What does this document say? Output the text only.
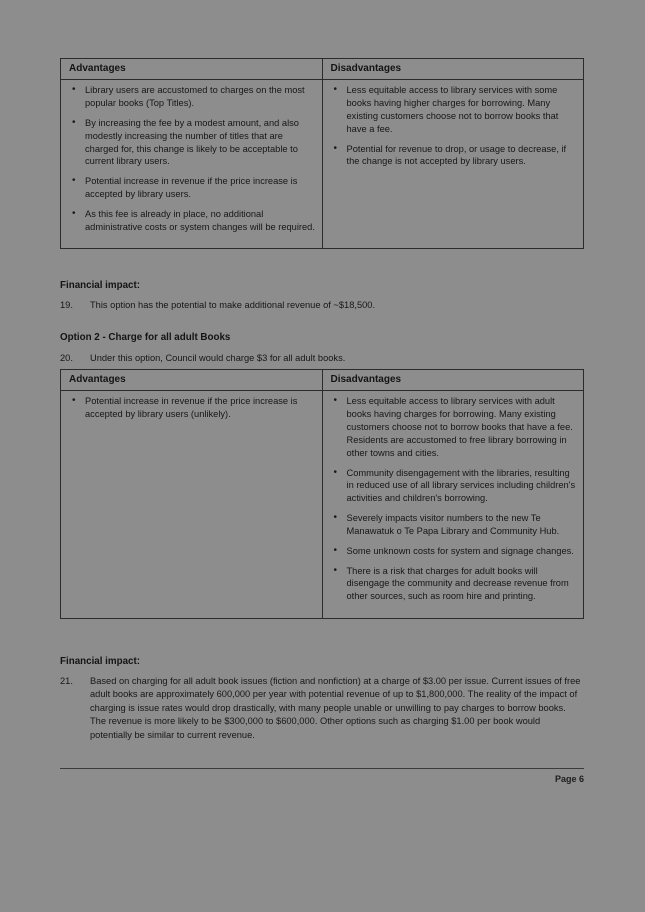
Advantages	Disadvantages

• Library users are accustomed to charges on the most popular books (Top Titles).
• By increasing the fee by a modest amount, and also modestly increasing the number of titles that are charged for, this change is likely to be acceptable to current library users.
• Potential increase in revenue if the price increase is accepted by library users.
• As this fee is already in place, no additional administrative costs or system changes will be required.

• Less equitable access to library services with some books having higher charges for borrowing. Many existing customers choose not to borrow books that have a fee.
• Potential for revenue to drop, or usage to decrease, if the change is not accepted by library users.
Financial impact:
19.	This option has the potential to make additional revenue of ~$18,500.
Option 2 - Charge for all adult Books
20.	Under this option, Council would charge $3 for all adult books.
Advantages	Disadvantages

• Potential increase in revenue if the price increase is accepted by library users (unlikely).

• Less equitable access to library services with adult books having charges for borrowing. Many existing customers choose not to borrow books that have a fee. Residents are accustomed to free library borrowing in other towns and cities.
• Community disengagement with the libraries, resulting in reduced use of all library services including children's activities and children's borrowing.
• Severely impacts visitor numbers to the new Te Manawatuk o Te Papa Library and Community Hub.
• Some unknown costs for system and signage changes.
• There is a risk that charges for adult books will disengage the community and decrease revenue from other sources, such as room hire and printing.
Financial impact:
21.	Based on charging for all adult book issues (fiction and nonfiction) at a charge of $3.00 per issue. Current issues of free adult books are approximately 600,000 per year with potential revenue of up to $1,800,000. The reality of the impact of charging is issue rates would drop drastically, with many people unable or unwilling to pay charges to borrow books. The revenue is more likely to be $300,000 to $600,000. Other options such as charging $1.00 per book would potentially be similar to current revenue.
Page 6
